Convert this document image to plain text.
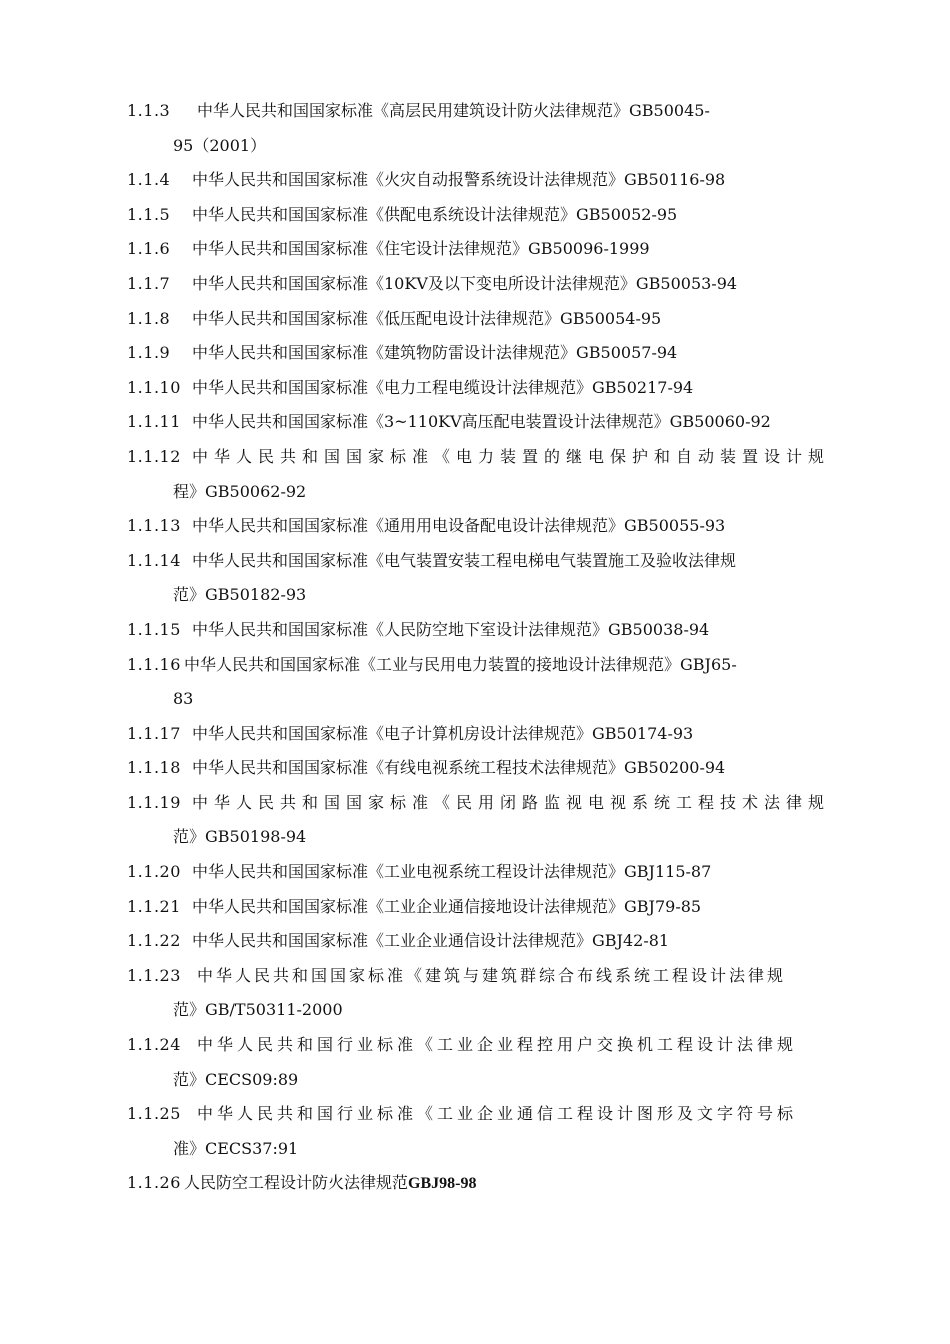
1.1.3	中华人民共和国国家标准《高层民用建筑设计防火法律规范》GB50045-
95（2001）
1.1.4	中华人民共和国国家标准《火灾自动报警系统设计法律规范》GB50116-98
1.1.5	中华人民共和国国家标准《供配电系统设计法律规范》GB50052-95
1.1.6	中华人民共和国国家标准《住宅设计法律规范》GB50096-1999
1.1.7	中华人民共和国国家标准《10KV及以下变电所设计法律规范》GB50053-94
1.1.8	中华人民共和国国家标准《低压配电设计法律规范》GB50054-95
1.1.9	中华人民共和国国家标准《建筑物防雷设计法律规范》GB50057-94
1.1.10 中华人民共和国国家标准《电力工程电缆设计法律规范》GB50217-94
1.1.11 中华人民共和国国家标准《3~110KV高压配电装置设计法律规范》GB50060-92
1.1.12 中华人民共和国国家标准《电力装置的继电保护和自动装置设计规
程》GB50062-92
1.1.13 中华人民共和国国家标准《通用用电设备配电设计法律规范》GB50055-93
1.1.14 中华人民共和国国家标准《电气装置安装工程电梯电气装置施工及验收法律规
范》GB50182-93
1.1.15 中华人民共和国国家标准《人民防空地下室设计法律规范》GB50038-94
1.1.16 中华人民共和国国家标准《工业与民用电力装置的接地设计法律规范》GBJ65-
83
1.1.17 中华人民共和国国家标准《电子计算机房设计法律规范》GB50174-93
1.1.18 中华人民共和国国家标准《有线电视系统工程技术法律规范》GB50200-94
1.1.19 中华人民共和国国家标准《民用闭路监视电视系统工程技术法律规
范》GB50198-94
1.1.20 中华人民共和国国家标准《工业电视系统工程设计法律规范》GBJ115-87
1.1.21 中华人民共和国国家标准《工业企业通信接地设计法律规范》GBJ79-85
1.1.22 中华人民共和国国家标准《工业企业通信设计法律规范》GBJ42-81
1.1.23	中华人民共和国国家标准《建筑与建筑群综合布线系统工程设计法律规
范》GB/T50311-2000
1.1.24	中华人民共和国行业标准《工业企业程控用户交换机工程设计法律规
范》CECS09:89
1.1.25	中华人民共和国行业标准《工业企业通信工程设计图形及文字符号标
准》CECS37:91
1.1.26 人民防空工程设计防火法律规范GBJ98-98
